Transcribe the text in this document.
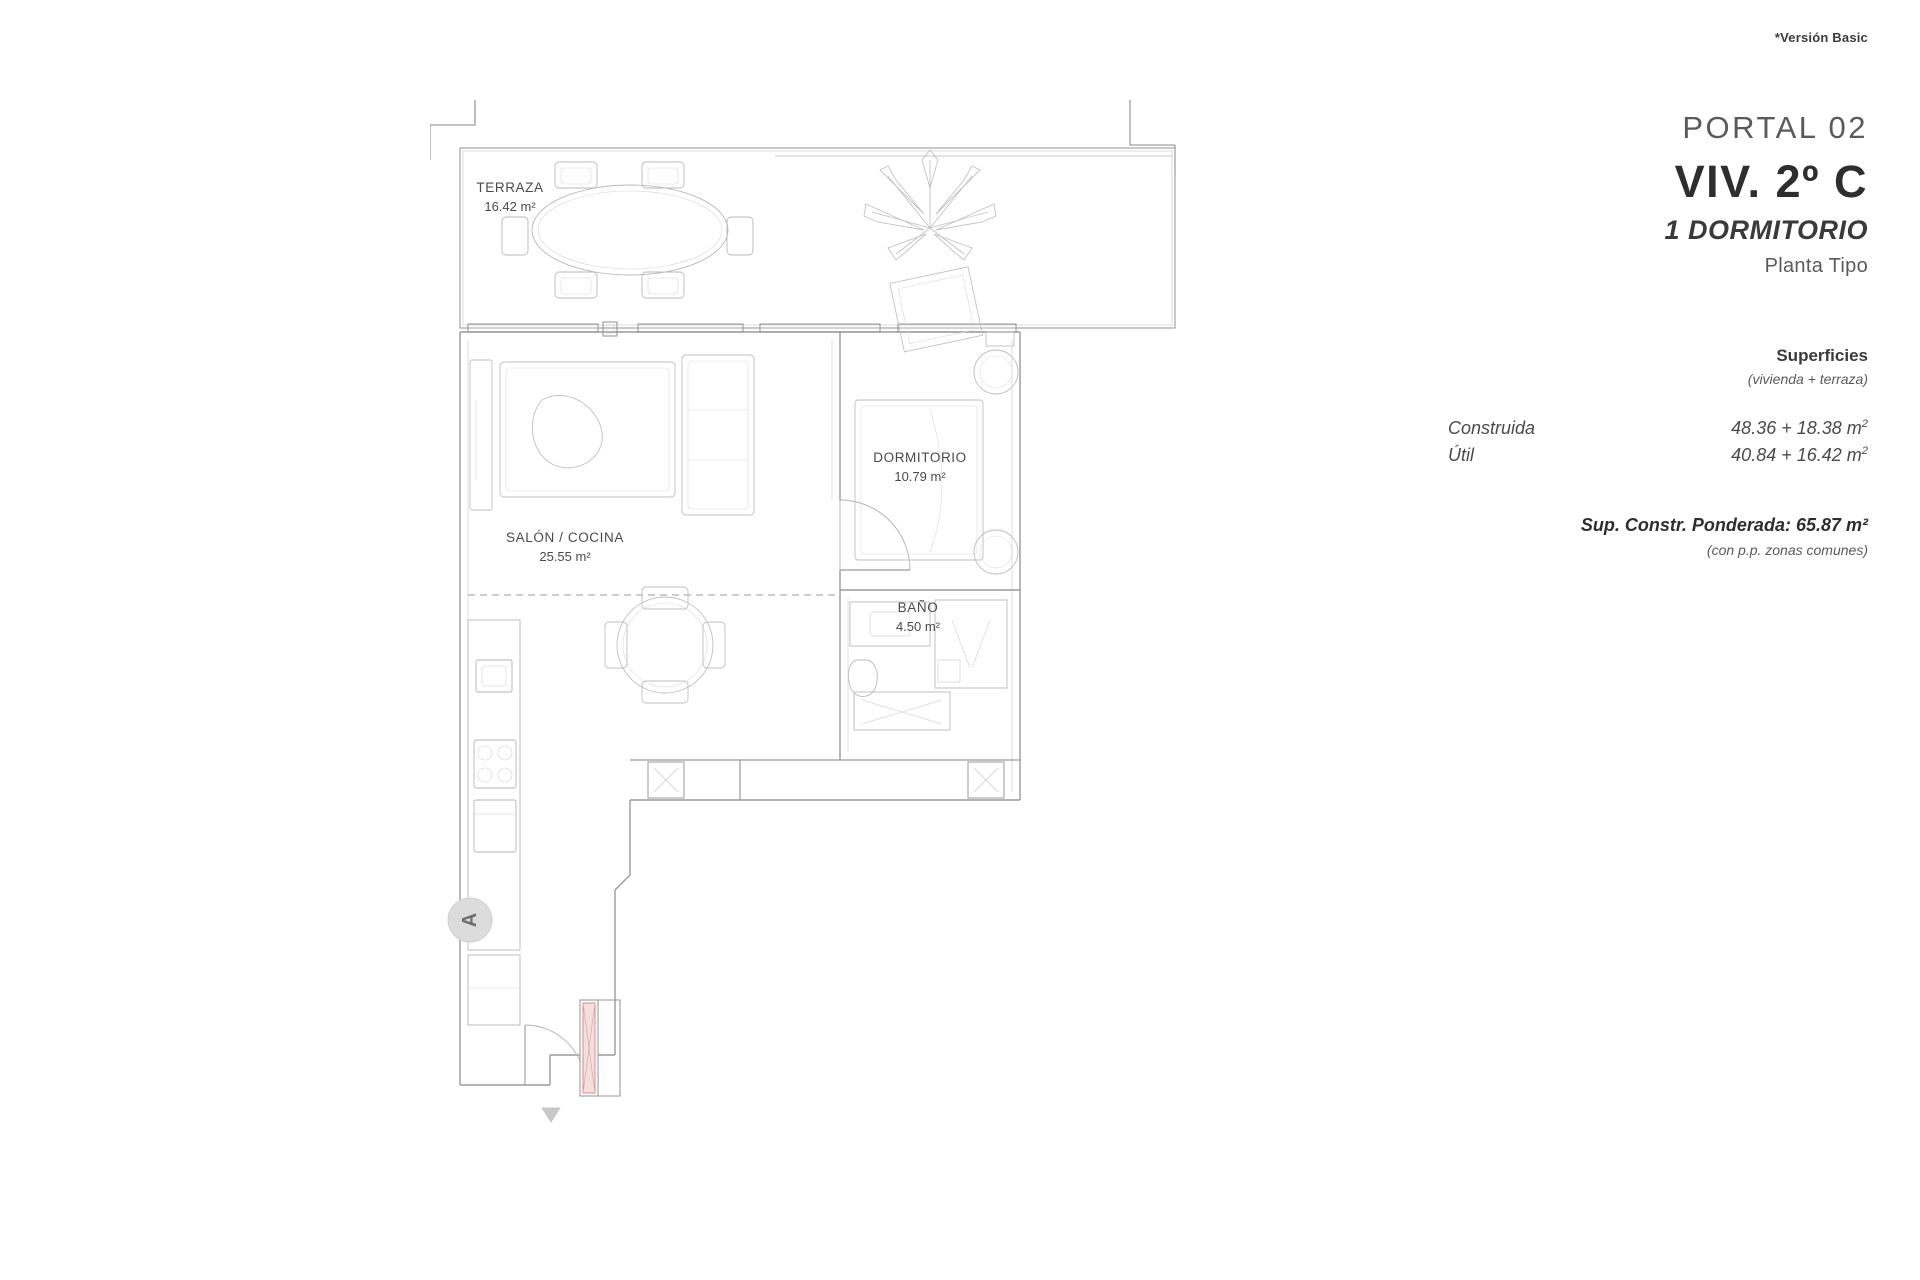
*Versión Basic
PORTAL 02
VIV. 2º C
1 DORMITORIO
Planta Tipo
Superficies
(vivienda + terraza)
Construida	48.36 + 18.38 $m^2$
Útil	40.84 + 16.42 $m^2$
Sup. Constr. Ponderada: 65.87 m²
(con p.p. zonas comunes)
A
TERRAZA
16.42 m²
SALÓN / COCINA
25.55 m²
DORMITORIO
10.79 m²
BAÑO
4.50 m²
